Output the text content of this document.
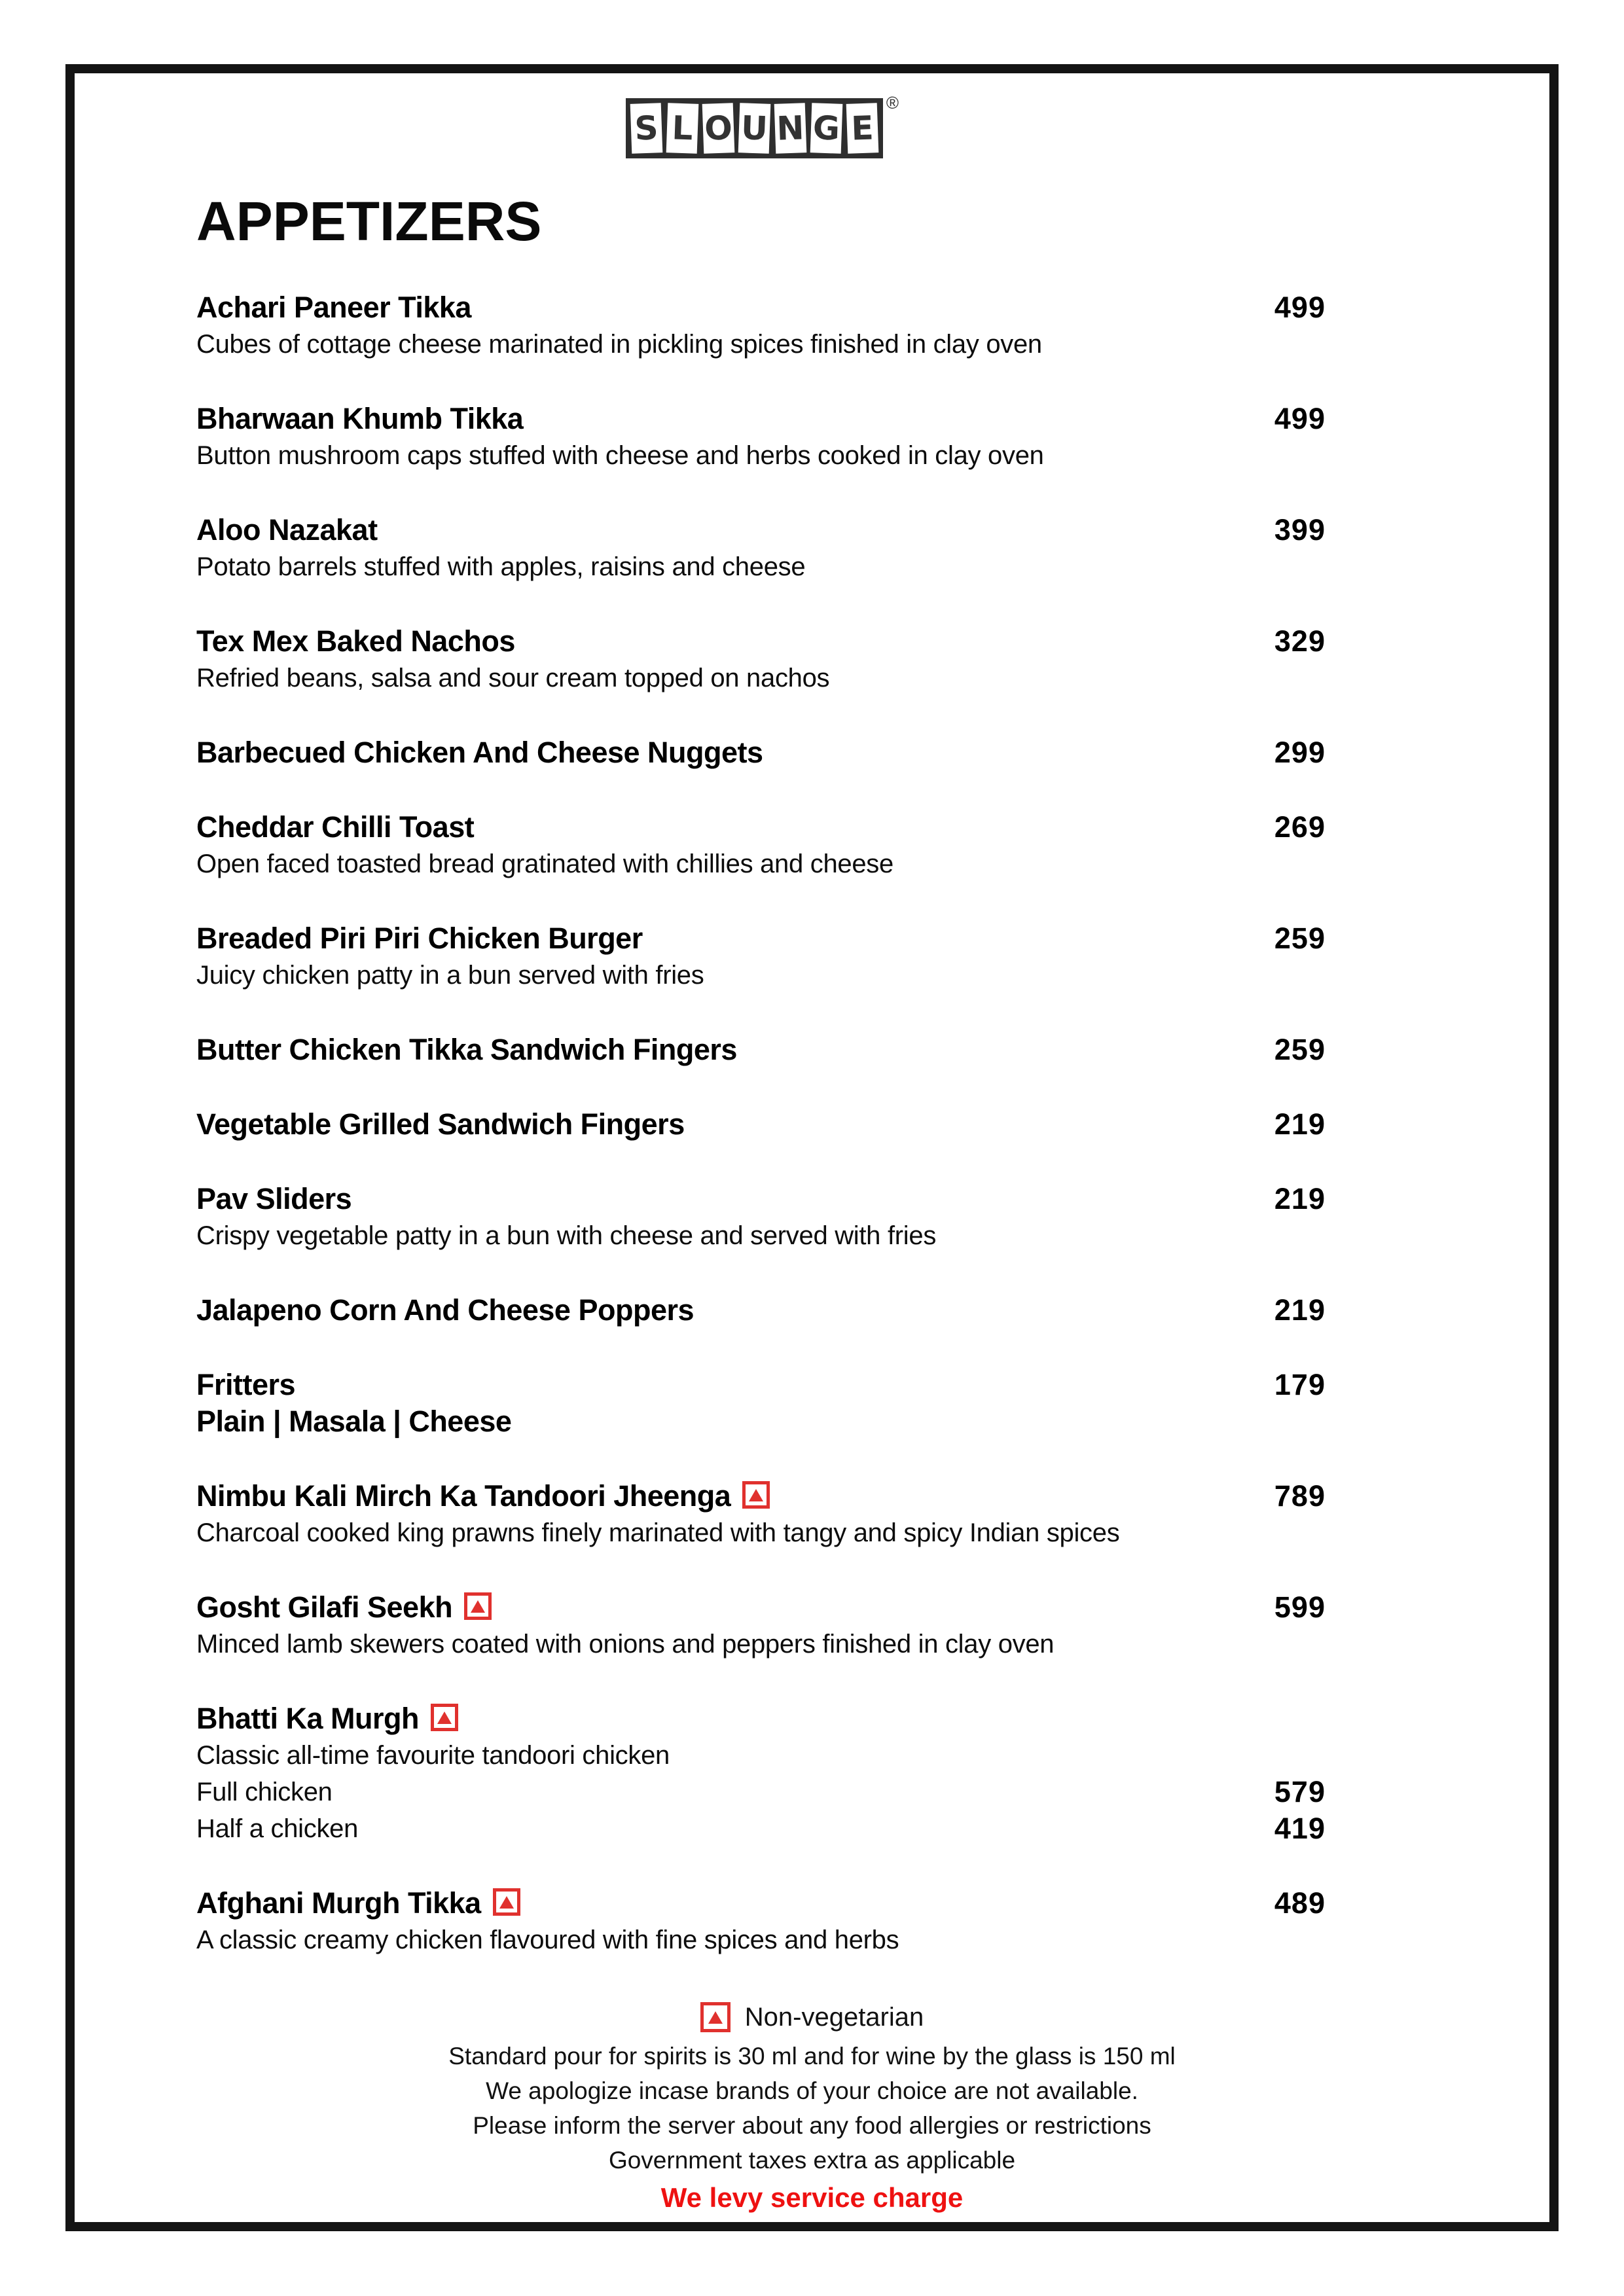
S L O U N G E
®
APPETIZERS
Achari Paneer Tikka	499
Cubes of cottage cheese marinated in pickling spices finished in clay oven
Bharwaan Khumb Tikka	499
Button mushroom caps stuffed with cheese and herbs cooked in clay oven
Aloo Nazakat	399
Potato barrels stuffed with apples, raisins and cheese
Tex Mex Baked Nachos	329
Refried beans, salsa and sour cream topped on nachos
Barbecued Chicken And Cheese Nuggets	299
Cheddar Chilli Toast	269
Open faced toasted bread gratinated with chillies and cheese
Breaded Piri Piri Chicken Burger	259
Juicy chicken patty in a bun served with fries
Butter Chicken Tikka Sandwich Fingers	259
Vegetable Grilled Sandwich Fingers	219
Pav Sliders	219
Crispy vegetable patty in a bun with cheese and served with fries
Jalapeno Corn And Cheese Poppers	219
Fritters	179
Plain | Masala | Cheese
Nimbu Kali Mirch Ka Tandoori Jheenga	789
Charcoal cooked king prawns finely marinated with tangy and spicy Indian spices
Gosht Gilafi Seekh	599
Minced lamb skewers coated with onions and peppers finished in clay oven
Bhatti Ka Murgh
Classic all-time favourite tandoori chicken
Full chicken	579
Half a chicken	419
Afghani Murgh Tikka	489
A classic creamy chicken flavoured with fine spices and herbs
Non-vegetarian
Standard pour for spirits is 30 ml and for wine by the glass is 150 ml
We apologize incase brands of your choice are not available.
Please inform the server about any food allergies or restrictions
Government taxes extra as applicable
We levy service charge
